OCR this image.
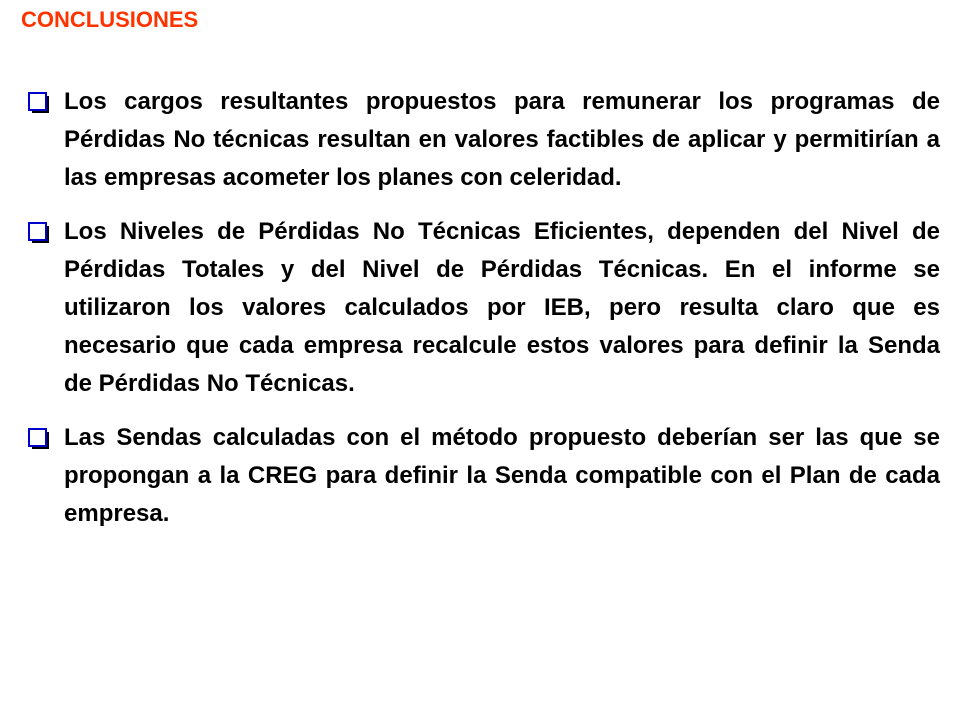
CONCLUSIONES

Los cargos resultantes propuestos para remunerar los programas de Pérdidas No técnicas resultan en valores factibles de aplicar y permitirían a las empresas acometer los planes con celeridad.

Los Niveles de Pérdidas No Técnicas Eficientes, dependen del Nivel de Pérdidas Totales y del Nivel de Pérdidas Técnicas. En el informe se utilizaron los valores calculados por IEB, pero resulta claro que es necesario que cada empresa recalcule estos valores para definir la Senda de Pérdidas No Técnicas.

Las Sendas calculadas con el método propuesto deberían ser las que se propongan a la CREG para definir la Senda compatible con el Plan de cada empresa.
